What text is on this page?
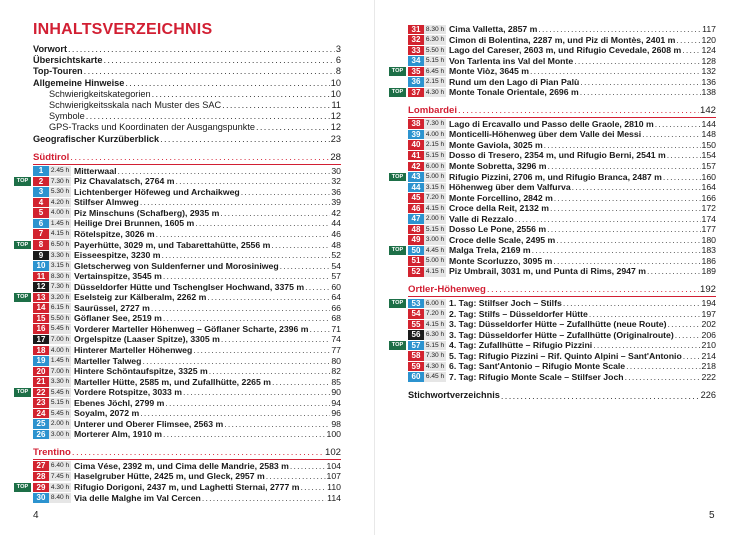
INHALTSVERZEICHNIS
Vorwort . . .	3
Übersichtskarte . . .	6
Top-Touren . . .	8
Allgemeine Hinweise . . .	10
Schwierigkeitskategorien . . .	10
Schwierigkeitsskala nach Muster des SAC . . .	11
Symbole . . .	12
GPS-Tracks und Koordinaten der Ausgangspunkte . . .	12
Geografischer Kurzüberblick . . .	23
Südtirol . . .	28
1	2.45 h Mitterwaal . . .	30
TOP	2	7.30 h Piz Chavalatsch, 2764 m . . .	32
3	5.30 h Lichtenberger Höfeweg und Archaikweg . . .	36
4	4.20 h Stilfser Almweg . . .	39
5	4.00 h Piz Minschuns (Schafberg), 2935 m . . .	42
6	1.45 h Heilige Drei Brunnen, 1605 m . . .	44
7	4.15 h Rötelspitze, 3026 m . . .	46
TOP	8	6.50 h Payerhütte, 3029 m, und Tabarettahütte, 2556 m . . .	48
9	3.30 h Eisseespitze, 3230 m . . .	52
10 3.15 h Gletscherweg von Suldenferner und Morosiniweg . . .	54
11 8.30 h Vertainspitze, 3545 m . . .	57
12 7.30 h Düsseldorfer Hütte und Tschenglser Hochwand, 3375 m . . .	60
TOP	13 3.20 h Eselsteig zur Kälberalm, 2262 m . . .	64
14 6.15 h Saurüssel, 2727 m . . .	66
15 5.50 h Göflaner See, 2519 m . . .	68
16 5.45 h Vorderer Marteller Höhenweg – Göflaner Scharte, 2396 m . . .	71
17 7.00 h Orgelspitze (Laaser Spitze), 3305 m . . .	74
18 4.00 h Hinterer Marteller Höhenweg . . .	77
19 1.45 h Marteller Talweg . . .	80
20 7.00 h Hintere Schöntaufspitze, 3325 m . . .	82
21 3.30 h Marteller Hütte, 2585 m, und Zufallhütte, 2265 m . . .	85
TOP	22 5.45 h Vordere Rotspitze, 3033 m . . .	90
23 5.15 h Ebenes Jöchl, 2799 m . . .	94
24 5.45 h Soyalm, 2072 m . . .	96
25 2.00 h Unterer und Oberer Flimsee, 2563 m . . .	98
26 3.00 h Morterer Alm, 1910 m . . .	100
Trentino . . .	102
27 6.40 h Cima Vése, 2392 m, und Cima delle Mandrie, 2583 m . . .	104
28 7.45 h Haselgruber Hütte, 2425 m, und Gleck, 2957 m . . .	107
TOP	29 4.30 h Rifugio Dorigoni, 2437 m, und Laghetti Sternai, 2777 m . . .	110
30 8.40 h Via delle Malghe im Val Cercen . . .	114
4
31 8.30 h Cima Valletta, 2857 m . . .	117
32 6.30 h Cimon di Bolentina, 2287 m, und Piz di Montès, 2401 m . . .	120
33 5.50 h Lago del Careser, 2603 m, und Rifugio Cevedale, 2608 m . . . 124
34 5.15 h Von Tarlenta ins Val del Monte . . .	128
TOP	35 6.45 h Monte Viòz, 3645 m . . .	132
36 2.15 h Rund um den Lago di Pian Palù . . .	136
TOP	37 4.30 h Monte Tonale Orientale, 2696 m . . .	138
Lombardei . . .	142
38 7.30 h Lago di Ercavallo und Passo delle Graole, 2810 m . . .	144
39 4.00 h Monticelli-Höhenweg über dem Valle dei Messi . . .	148
40 2.15 h Monte Gaviola, 3025 m . . .	150
41 5.15 h Dosso di Tresero, 2354 m, und Rifugio Berni, 2541 m . . .	154
42 6.00 h Monte Sobretta, 3296 m . . .	157
TOP	43 5.00 h Rifugio Pizzini, 2706 m, und Rifugio Branca, 2487 m . . .	160
44 3.15 h Höhenweg über dem Valfurva . . .	164
45 7.20 h Monte Forcellino, 2842 m . . .	166
46 4.15 h Croce della Reit, 2132 m . . .	172
47 2.00 h Valle di Rezzalo . . .	174
48 5.15 h Dosso Le Pone, 2556 m . . .	177
49 3.00 h Croce delle Scale, 2495 m . . .	180
TOP	50 4.45 h Malga Trela, 2169 m . . .	183
51 5.00 h Monte Scorluzzo, 3095 m . . .	186
52 4.15 h Piz Umbrail, 3031 m, und Punta di Rims, 2947 m . . .	189
Ortler-Höhenweg . . .	192
TOP	53 6.00 h 1. Tag: Stilfser Joch – Stilfs . . .	194
54 7.20 h 2. Tag: Stilfs – Düsseldorfer Hütte . . .	197
55 4.15 h 3. Tag: Düsseldorfer Hütte – Zufallhütte (neue Route) . . .	202
56 6.30 h 3. Tag: Düsseldorfer Hütte – Zufallhütte (Originalroute) . . .	206
TOP	57 5.15 h 4. Tag: Zufallhütte – Rifugio Pizzini . . .	210
58 7.30 h 5. Tag: Rifugio Pizzini – Rif. Quinto Alpini – Sant'Antonio . . . 214
59 4.30 h 6. Tag: Sant'Antonio – Rifugio Monte Scale . . .	218
60 6.45 h 7. Tag: Rifugio Monte Scale – Stilfser Joch . . .	222
Stichwortverzeichnis . . .	226
5
